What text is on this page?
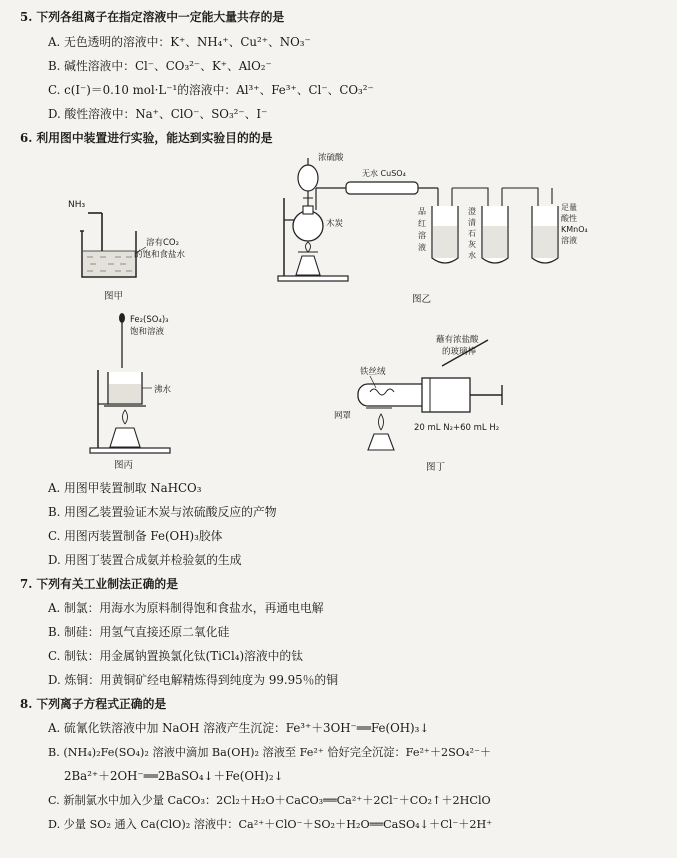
5. 下列各组离子在指定溶液中一定能大量共存的是
A. 无色透明的溶液中：K⁺、NH₄⁺、Cu²⁺、NO₃⁻
B. 碱性溶液中：Cl⁻、CO₃²⁻、K⁺、AlO₂⁻
C. c(I⁻)＝0.10 mol·L⁻¹的溶液中：Al³⁺、Fe³⁺、Cl⁻、CO₃²⁻
D. 酸性溶液中：Na⁺、ClO⁻、SO₃²⁻、I⁻
6. 利用图中装置进行实验，能达到实验目的的是
NH₃
溶有CO₂
的饱和食盐水
图甲
浓硫酸
无水 CuSO₄
木炭
品
红
溶
液
澄
清
石
灰
水
足量
酸性
KMnO₄
溶液
图乙
Fe₂(SO₄)₃
饱和溶液
沸水
图丙
蘸有浓盐酸
的玻璃棒
铁丝绒
网罩
20 mL N₂+60 mL H₂
图丁
A. 用图甲装置制取 NaHCO₃
B. 用图乙装置验证木炭与浓硫酸反应的产物
C. 用图丙装置制备 Fe(OH)₃胶体
D. 用图丁装置合成氨并检验氨的生成
7. 下列有关工业制法正确的是
A. 制氯：用海水为原料制得饱和食盐水，再通电电解
B. 制硅：用氢气直接还原二氧化硅
C. 制钛：用金属钠置换氯化钛(TiCl₄)溶液中的钛
D. 炼铜：用黄铜矿经电解精炼得到纯度为 99.95％的铜
8. 下列离子方程式正确的是
A. 硫氰化铁溶液中加 NaOH 溶液产生沉淀：Fe³⁺＋3OH⁻══Fe(OH)₃↓
B. (NH₄)₂Fe(SO₄)₂ 溶液中滴加 Ba(OH)₂ 溶液至 Fe²⁺ 恰好完全沉淀：Fe²⁺＋2SO₄²⁻＋
2Ba²⁺＋2OH⁻══2BaSO₄↓＋Fe(OH)₂↓
C. 新制氯水中加入少量 CaCO₃：2Cl₂＋H₂O＋CaCO₃══Ca²⁺＋2Cl⁻＋CO₂↑＋2HClO
D. 少量 SO₂ 通入 Ca(ClO)₂ 溶液中：Ca²⁺＋ClO⁻＋SO₂＋H₂O══CaSO₄↓＋Cl⁻＋2H⁺
